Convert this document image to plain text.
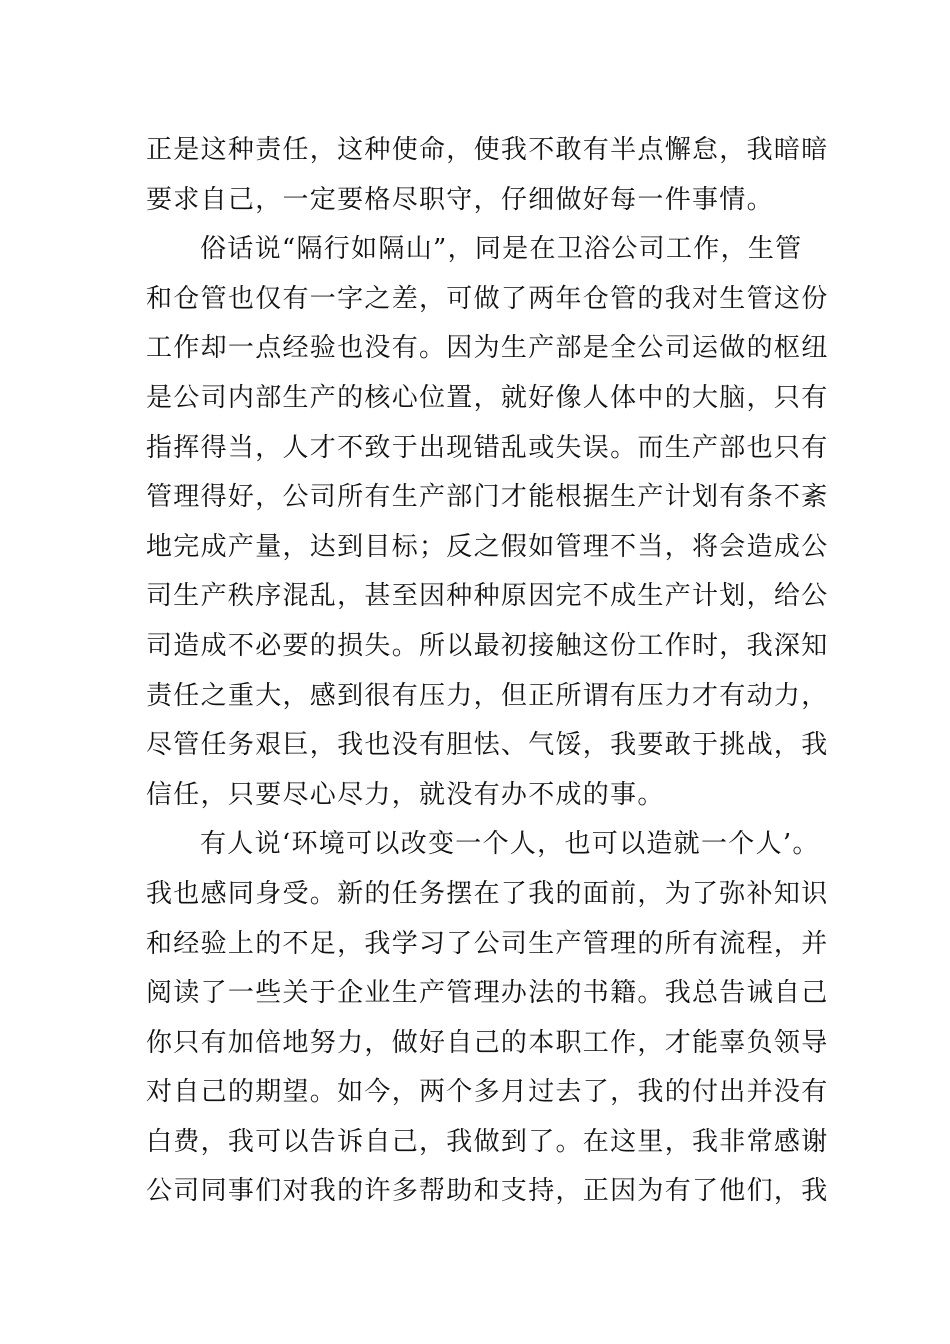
正是这种责任，这种使命，使我不敢有半点懈怠，我暗暗
要求自己，一定要格尽职守，仔细做好每一件事情。
俗话说“隔行如隔山”，同是在卫浴公司工作，生管
和仓管也仅有一字之差，可做了两年仓管的我对生管这份
工作却一点经验也没有。因为生产部是全公司运做的枢纽
是公司内部生产的核心位置，就好像人体中的大脑，只有
指挥得当，人才不致于出现错乱或失误。而生产部也只有
管理得好，公司所有生产部门才能根据生产计划有条不紊
地完成产量，达到目标；反之假如管理不当，将会造成公
司生产秩序混乱，甚至因种种原因完不成生产计划，给公
司造成不必要的损失。所以最初接触这份工作时，我深知
责任之重大，感到很有压力，但正所谓有压力才有动力，
尽管任务艰巨，我也没有胆怯、气馁，我要敢于挑战，我
信任，只要尽心尽力，就没有办不成的事。
有人说‘环境可以改变一个人，也可以造就一个人’。
我也感同身受。新的任务摆在了我的面前，为了弥补知识
和经验上的不足，我学习了公司生产管理的所有流程，并
阅读了一些关于企业生产管理办法的书籍。我总告诫自己
你只有加倍地努力，做好自己的本职工作，才能辜负领导
对自己的期望。如今，两个多月过去了，我的付出并没有
白费，我可以告诉自己，我做到了。在这里，我非常感谢
公司同事们对我的许多帮助和支持，正因为有了他们，我
